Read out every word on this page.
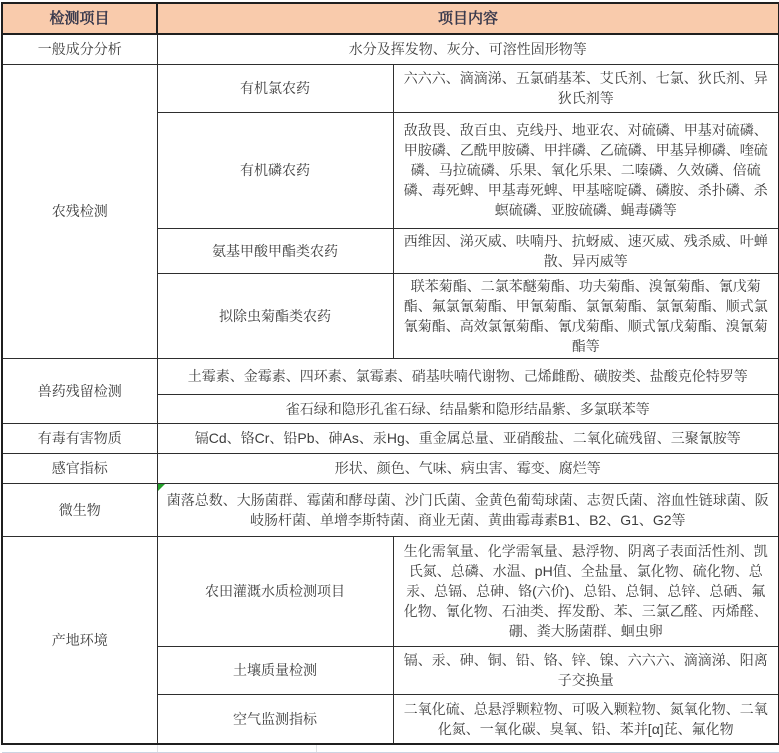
检测项目	项目内容	
一般成分分析	水分及挥发物、灰分、可溶性固形物等	
农残检测	有机氯农药	六六六、滴滴涕、五氯硝基苯、艾氏剂、七氯、狄氏剂、异狄氏剂等
	有机磷农药	敌敌畏、敌百虫、克线丹、地亚农、对硫磷、甲基对硫磷、甲胺磷、乙酰甲胺磷、甲拌磷、乙硫磷、甲基异柳磷、喹硫磷、马拉硫磷、乐果、氧化乐果、二嗪磷、久效磷、倍硫磷、毒死蜱、甲基毒死蜱、甲基嘧啶磷、磷胺、杀扑磷、杀螟硫磷、亚胺硫磷、蝇毒磷等
	氨基甲酸甲酯类农药	西维因、涕灭威、呋喃丹、抗蚜威、速灭威、残杀威、叶蝉散、异丙威等
	拟除虫菊酯类农药	联苯菊酯、二氯苯醚菊酯、功夫菊酯、溴氰菊酯、氰戊菊酯、氟氯氰菊酯、甲氰菊酯、氯氰菊酯、氯氰菊酯、顺式氯氰菊酯、高效氯氰菊酯、氰戊菊酯、顺式氰戊菊酯、溴氰菊酯等
兽药残留检测	土霉素、金霉素、四环素、氯霉素、硝基呋喃代谢物、己烯雌酚、磺胺类、盐酸克伦特罗等	
	雀石绿和隐形孔雀石绿、结晶紫和隐形结晶紫、多氯联苯等	
有毒有害物质	镉Cd、铬Cr、铅Pb、砷As、汞Hg、重金属总量、亚硝酸盐、二氧化硫残留、三聚氰胺等	
感官指标	形状、颜色、气味、病虫害、霉变、腐烂等	
微生物	菌落总数、大肠菌群、霉菌和酵母菌、沙门氏菌、金黄色葡萄球菌、志贺氏菌、溶血性链球菌、阪岐肠杆菌、单增李斯特菌、商业无菌、黄曲霉毒素B1、B2、G1、G2等	
产地环境	农田灌溉水质检测项目	生化需氧量、化学需氧量、悬浮物、阴离子表面活性剂、凯氏氮、总磷、水温、pH值、全盐量、氯化物、硫化物、总汞、总镉、总砷、铬(六价)、总铅、总铜、总锌、总硒、氟化物、氰化物、石油类、挥发酚、苯、三氯乙醛、丙烯醛、硼、粪大肠菌群、蛔虫卵
	土壤质量检测	镉、汞、砷、铜、铅、铬、锌、镍、六六六、滴滴涕、阳离子交换量
	空气监测指标	二氧化硫、总悬浮颗粒物、可吸入颗粒物、氮氧化物、二氧化氮、一氧化碳、臭氧、铅、苯并[α]芘、氟化物
